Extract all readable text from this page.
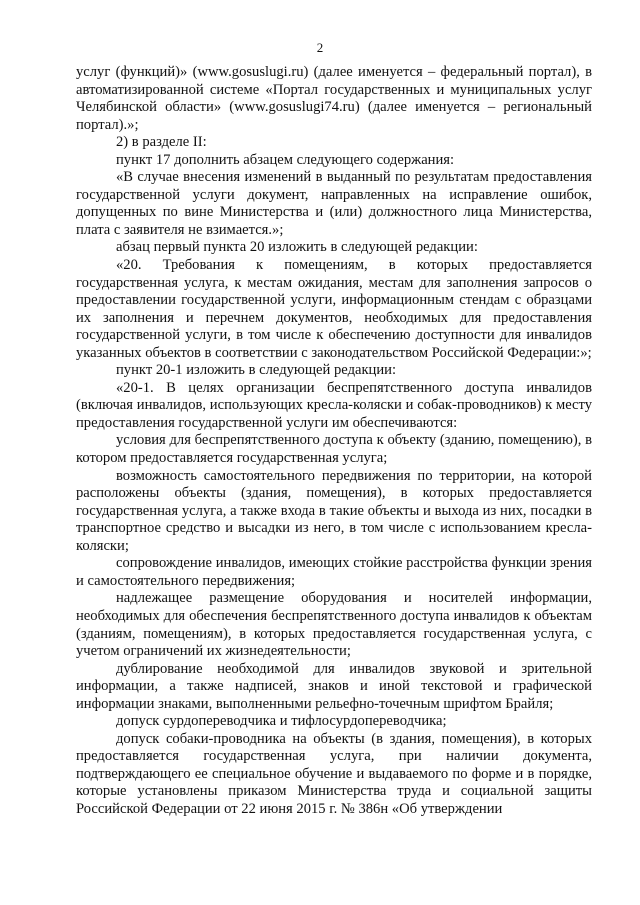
2

услуг (функций)» (www.gosuslugi.ru) (далее именуется – федеральный портал), в автоматизированной системе «Портал государственных и муниципальных услуг Челябинской области» (www.gosuslugi74.ru) (далее именуется – региональный портал).»;

2) в разделе II:

пункт 17 дополнить абзацем следующего содержания:

«В случае внесения изменений в выданный по результатам предоставления государственной услуги документ, направленных на исправление ошибок, допущенных по вине Министерства и (или) должностного лица Министерства, плата с заявителя не взимается.»;

абзац первый пункта 20 изложить в следующей редакции:

«20. Требования к помещениям, в которых предоставляется государственная услуга, к местам ожидания, местам для заполнения запросов о предоставлении государственной услуги, информационным стендам с образцами их заполнения и перечнем документов, необходимых для предоставления государственной услуги, в том числе к обеспечению доступности для инвалидов указанных объектов в соответствии с законодательством Российской Федерации:»;

пункт 20-1 изложить в следующей редакции:

«20-1. В целях организации беспрепятственного доступа инвалидов (включая инвалидов, использующих кресла-коляски и собак-проводников) к месту предоставления государственной услуги им обеспечиваются:

условия для беспрепятственного доступа к объекту (зданию, помещению), в котором предоставляется государственная услуга;

возможность самостоятельного передвижения по территории, на которой расположены объекты (здания, помещения), в которых предоставляется государственная услуга, а также входа в такие объекты и выхода из них, посадки в транспортное средство и высадки из него, в том числе с использованием кресла-коляски;

сопровождение инвалидов, имеющих стойкие расстройства функции зрения и самостоятельного передвижения;

надлежащее размещение оборудования и носителей информации, необходимых для обеспечения беспрепятственного доступа инвалидов к объектам (зданиям, помещениям), в которых предоставляется государственная услуга, с учетом ограничений их жизнедеятельности;

дублирование необходимой для инвалидов звуковой и зрительной информации, а также надписей, знаков и иной текстовой и графической информации знаками, выполненными рельефно-точечным шрифтом Брайля;

допуск сурдопереводчика и тифлосурдопереводчика;

допуск собаки-проводника на объекты (в здания, помещения), в которых предоставляется государственная услуга, при наличии документа, подтверждающего ее специальное обучение и выдаваемого по форме и в порядке, которые установлены приказом Министерства труда и социальной защиты Российской Федерации от 22 июня 2015 г. № 386н «Об утверждении
